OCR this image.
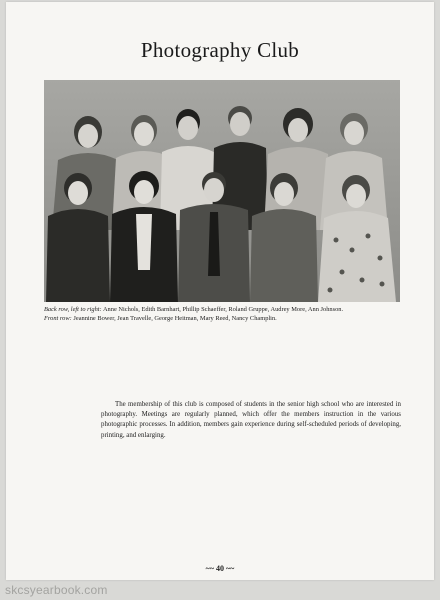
Photography Club

Back row, left to right: Anne Nichols, Edith Barnhart, Phillip Schaeffer, Roland Gruppe, Audrey More, Ann Johnson.
Front row: Jeannine Bower, Jean Travelle, George Heitman, Mary Reed, Nancy Champlin.

The membership of this club is composed of students in the senior high school who are interested in photography. Meetings are regularly planned, which offer the members instruction in the various photographic processes. In addition, members gain experience during self-scheduled periods of developing, printing, and enlarging.

~~ 40 ~~
skcsyearbook.com
